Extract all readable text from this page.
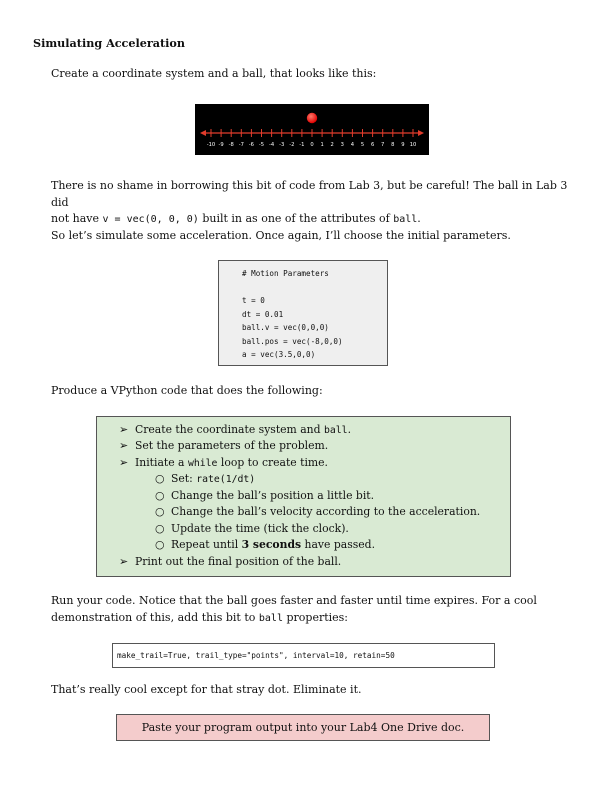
Simulating Acceleration
Create a coordinate system and a ball, that looks like this:
-10 -9 -8 -7 -6 -5 -4 -3 -2 -1 0 1 2 3 4 5 6 7 8 9 10
There is no shame in borrowing this bit of code from Lab 3, but be careful! The ball in Lab 3 did
not have v = vec(0, 0, 0) built in as one of the attributes of ball.
So let’s simulate some acceleration. Once again, I’ll choose the initial parameters.
# Motion Parameters
t = 0
dt = 0.01
ball.v = vec(0,0,0)
ball.pos = vec(-8,0,0)
a = vec(3.5,0,0)
Produce a VPython code that does the following:
➢ Create the coordinate system and ball.
➢ Set the parameters of the problem.
➢ Initiate a while loop to create time.
○ Set: rate(1/dt)
○ Change the ball’s position a little bit.
○ Change the ball’s velocity according to the acceleration.
○ Update the time (tick the clock).
○ Repeat until 3 seconds have passed.
➢ Print out the final position of the ball.
Run your code. Notice that the ball goes faster and faster until time expires. For a cool
demonstration of this, add this bit to ball properties:
make_trail=True, trail_type="points", interval=10, retain=50
That’s really cool except for that stray dot. Eliminate it.
Paste your program output into your Lab4 One Drive doc.
